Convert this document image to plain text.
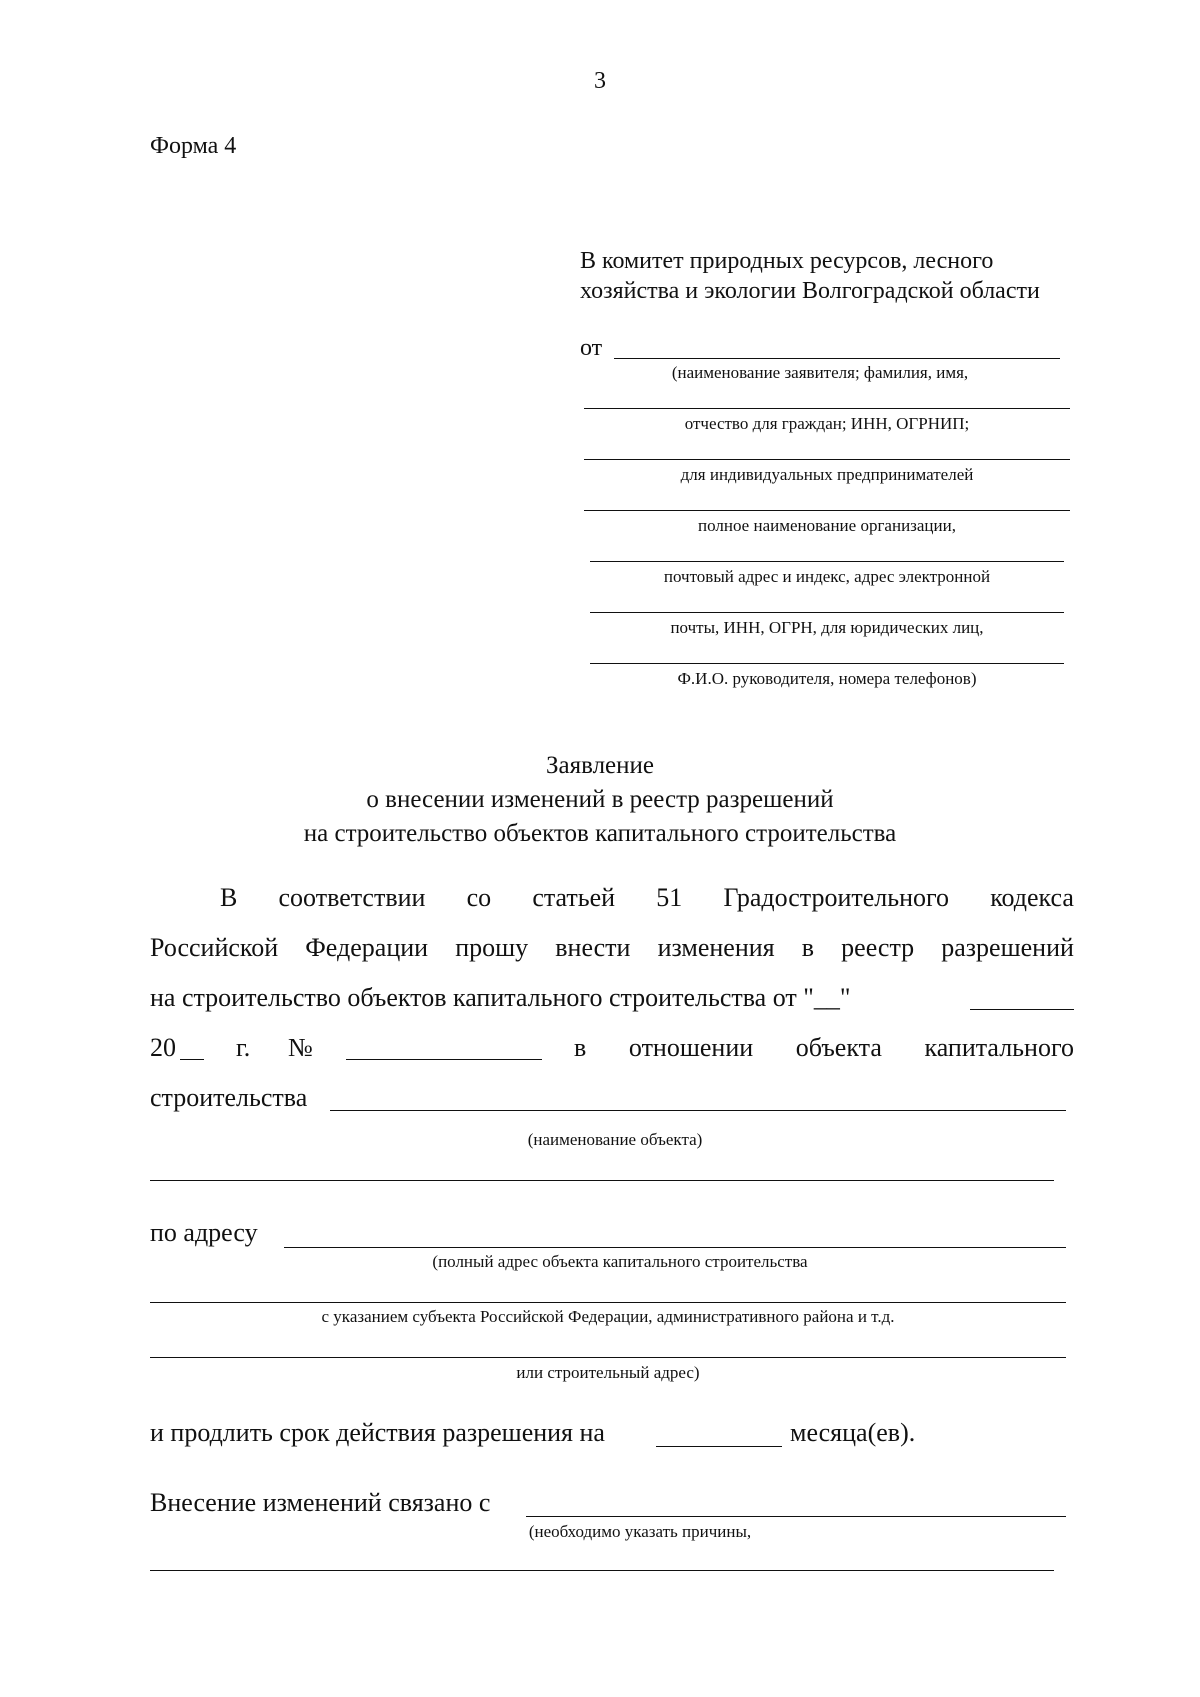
3
Форма 4
В комитет природных ресурсов, лесного
хозяйства и экологии Волгоградской области
от
(наименование заявителя; фамилия, имя,
отчество для граждан; ИНН, ОГРНИП;
для индивидуальных предпринимателей
полное наименование организации,
почтовый адрес и индекс, адрес электронной
почты, ИНН, ОГРН, для юридических лиц,
Ф.И.О. руководителя, номера телефонов)
Заявление
о внесении изменений в реестр разрешений
на строительство объектов капитального строительства
В соответствии со статьей 51 Градостроительного кодекса
Российской Федерации прошу внести изменения в реестр разрешений
на строительство объектов капитального строительства от "__"
20 г. №	в отношении объекта капитального
строительства
(наименование объекта)
по адресу
(полный адрес объекта капитального строительства
с указанием субъекта Российской Федерации, административного района и т.д.
или строительный адрес)
и продлить срок действия разрешения на	месяца(ев).
Внесение изменений связано с
(необходимо указать причины,
